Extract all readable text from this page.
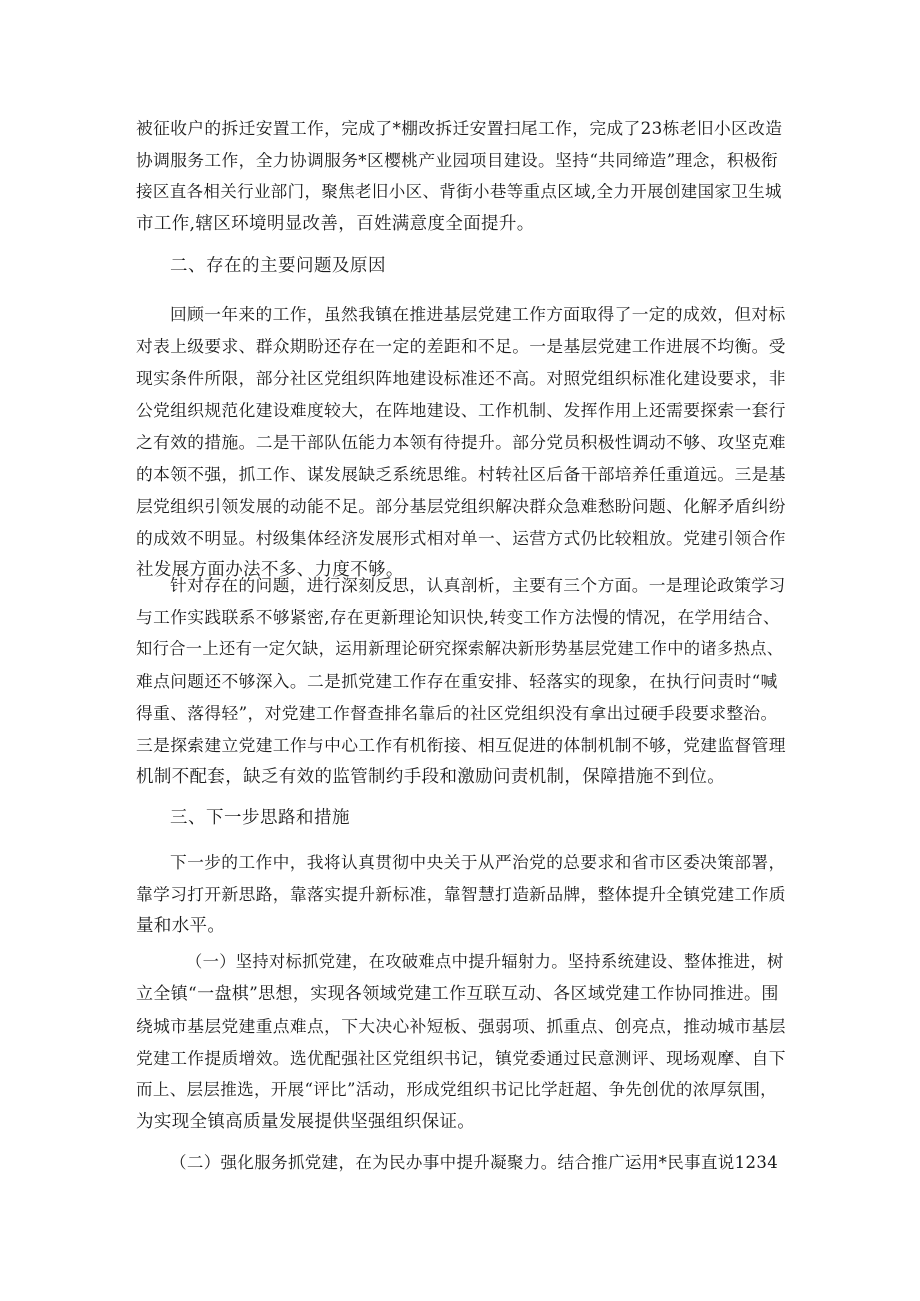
被征收户的拆迁安置工作，完成了*棚改拆迁安置扫尾工作，完成了23栋老旧小区改造
协调服务工作，全力协调服务*区樱桃产业园项目建设。坚持“共同缔造”理念，积极衔
接区直各相关行业部门，聚焦老旧小区、背街小巷等重点区域,全力开展创建国家卫生城
市工作,辖区环境明显改善，百姓满意度全面提升。
二、存在的主要问题及原因
回顾一年来的工作，虽然我镇在推进基层党建工作方面取得了一定的成效，但对标
对表上级要求、群众期盼还存在一定的差距和不足。一是基层党建工作进展不均衡。受
现实条件所限，部分社区党组织阵地建设标准还不高。对照党组织标准化建设要求，非
公党组织规范化建设难度较大，在阵地建设、工作机制、发挥作用上还需要探索一套行
之有效的措施。二是干部队伍能力本领有待提升。部分党员积极性调动不够、攻坚克难
的本领不强，抓工作、谋发展缺乏系统思维。村转社区后备干部培养任重道远。三是基
层党组织引领发展的动能不足。部分基层党组织解决群众急难愁盼问题、化解矛盾纠纷
的成效不明显。村级集体经济发展形式相对单一、运营方式仍比较粗放。党建引领合作
社发展方面办法不多、力度不够。
针对存在的问题，进行深刻反思，认真剖析，主要有三个方面。一是理论政策学习
与工作实践联系不够紧密,存在更新理论知识快,转变工作方法慢的情况，在学用结合、
知行合一上还有一定欠缺，运用新理论研究探索解决新形势基层党建工作中的诸多热点、
难点问题还不够深入。二是抓党建工作存在重安排、轻落实的现象，在执行问责时“喊
得重、落得轻”，对党建工作督查排名靠后的社区党组织没有拿出过硬手段要求整治。
三是探索建立党建工作与中心工作有机衔接、相互促进的体制机制不够，党建监督管理
机制不配套，缺乏有效的监管制约手段和激励问责机制，保障措施不到位。
三、下一步思路和措施
下一步的工作中，我将认真贯彻中央关于从严治党的总要求和省市区委决策部署，
靠学习打开新思路，靠落实提升新标准，靠智慧打造新品牌，整体提升全镇党建工作质
量和水平。
（一）坚持对标抓党建，在攻破难点中提升辐射力。坚持系统建设、整体推进，树
立全镇“一盘棋”思想，实现各领域党建工作互联互动、各区域党建工作协同推进。围
绕城市基层党建重点难点，下大决心补短板、强弱项、抓重点、创亮点，推动城市基层
党建工作提质增效。选优配强社区党组织书记，镇党委通过民意测评、现场观摩、自下
而上、层层推选，开展“评比”活动，形成党组织书记比学赶超、争先创优的浓厚氛围，
为实现全镇高质量发展提供坚强组织保证。
（二）强化服务抓党建，在为民办事中提升凝聚力。结合推广运用*民事直说1234
